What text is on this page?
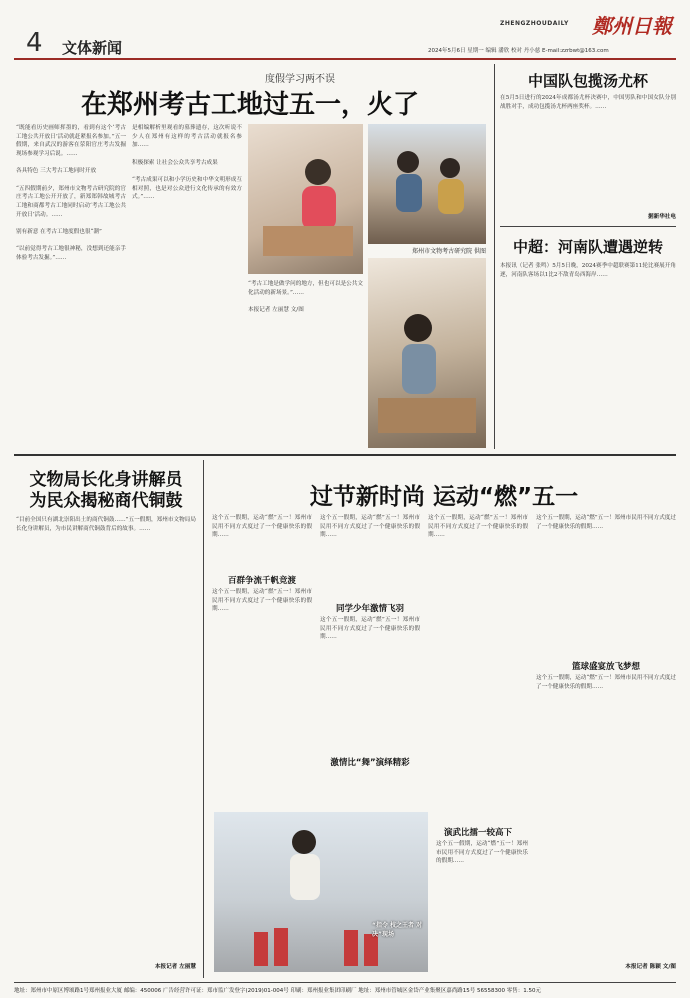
4 文体新闻
ZHENGZHOUDAILY 鄭州日報
2024年5月6日 星期一 编辑 潘欣 校对 丹小慈 E-mail:zzrbwt@163.com
度假学习两不误
在郑州考古工地过五一，火了
“既能看历史画师挥墨的，看到有这个‘考古工地公共开放日’活动就赶紧报名参加。”五一假期，来自武汉的游客在荥阳官庄考古发掘现场参观学习后说。……

各具特色 三大考古工地同时开放

“五四假期前夕，郑州市文物考古研究院的官庄考古工地公开开放了，新郑郑韩故城考古工地和商都考古工地同时启动‘考古工地公共开放日’活动。……

别有新意 在考古工地度假也很“潮”

“以前觉得考古工地很神秘，没想到还能亲手体验考古发掘。”……
是相编解析里观看的墓葬遗存，这次听说不少人在郑州有这样的考古活动就报名参加……

积极探索 让社会公众共享考古成果

“考古成果可以和小学历史和中华文明形成互相对照，也是对公众进行文化传承的有效方式。”……
“考古工地是做学问的地方，但也可以是公共文化活动的新场景。”……

本报记者 左丽慧 文/图
郑州市文物考古研究院 供图
中国队包揽汤尤杯
在5月5日进行的2024年成都汤尤杯决赛中，中国男队和中国女队分别战胜对手，成功包揽汤尤杯两座奖杯。……
据新华社电
中超：河南队遭遇逆转
本报讯（记者 张鸣）5月5日晚，2024赛季中超联赛第11轮比赛展开角逐，河南队客场以1比2不敌青岛西海岸……
文物局长化身讲解员
为民众揭秘商代铜鼓
“目前全国只有湖北崇阳出土的商代铜鼓……”五一假期，郑州市文物局局长化身讲解员，为市民讲解商代铜鼓背后的故事。……
本报记者 左丽慧
过节新时尚 运动“燃”五一
百群争流千帆竞渡
同学少年激情飞羽
激情比“舞”演绎精彩
演武比擂一较高下
篮球盛宴放飞梦想
这个五一假期，运动“燃”五一！郑州市民用不同方式度过了一个健康快乐的假期……
这个五一假期，运动“燃”五一！郑州市民用不同方式度过了一个健康快乐的假期……
这个五一假期，运动“燃”五一！郑州市民用不同方式度过了一个健康快乐的假期……
这个五一假期，运动“燃”五一！郑州市民用不同方式度过了一个健康快乐的假期……
这个五一假期，运动“燃”五一！郑州市民用不同方式度过了一个健康快乐的假期……
这个五一假期，运动“燃”五一！郑州市民用不同方式度过了一个健康快乐的假期……
这个五一假期，运动“燃”五一！郑州市民用不同方式度过了一个健康快乐的假期……
“指令 枝之王者 对决”现场
这个五一假期，运动“燃”五一！郑州市民用不同方式度过了一个健康快乐的假期……
本报记者 陈颖 文/图
地址：郑州市中原区博颂路1号郑州报业大厦 邮编：450006 广告经营许可证：郑市监广发登字(2019)01-004号 印刷：郑州报业集团印刷厂 地址：郑州市管城区金岱产业集聚区嘉尚路15号 56558300 零售：1.50元
